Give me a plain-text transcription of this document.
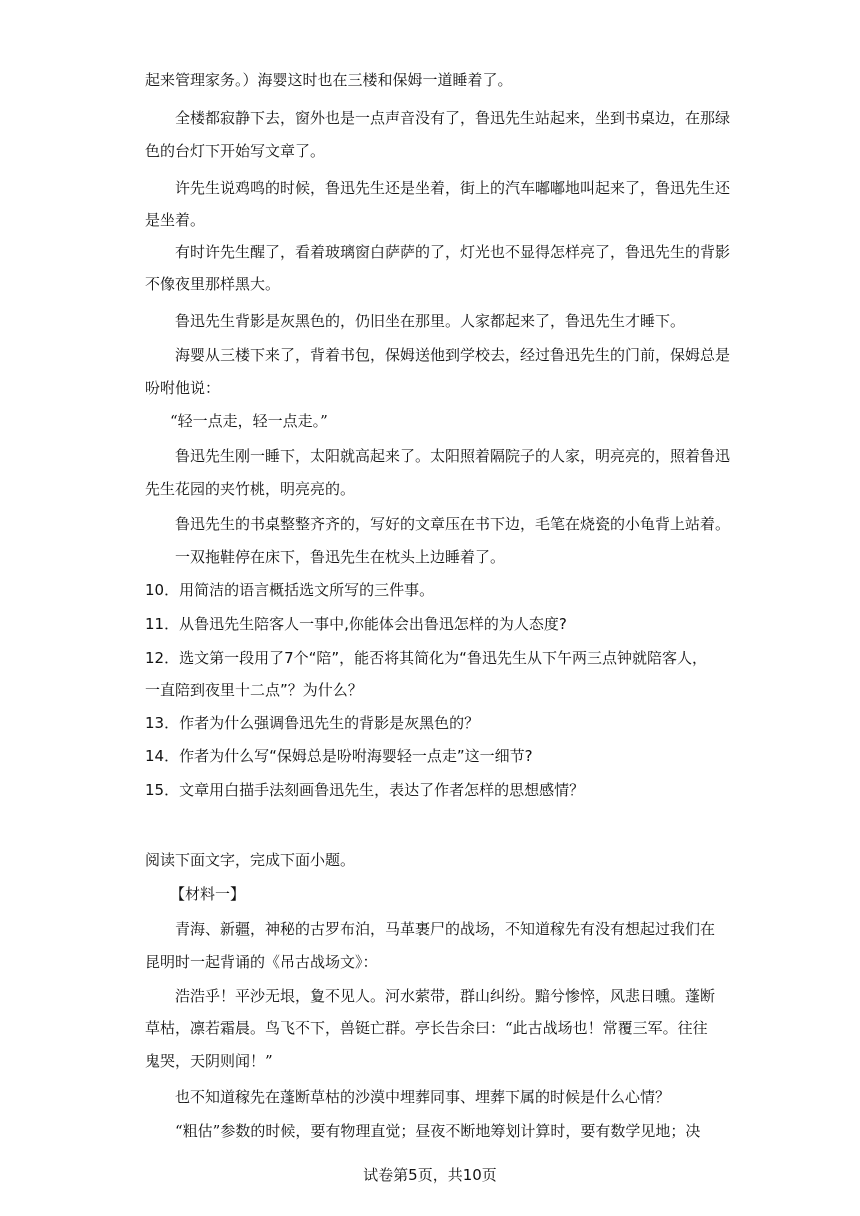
起来管理家务。）海婴这时也在三楼和保姆一道睡着了。
全楼都寂静下去，窗外也是一点声音没有了，鲁迅先生站起来，坐到书桌边，在那绿
色的台灯下开始写文章了。
许先生说鸡鸣的时候，鲁迅先生还是坐着，街上的汽车嘟嘟地叫起来了，鲁迅先生还
是坐着。
有时许先生醒了，看着玻璃窗白萨萨的了，灯光也不显得怎样亮了，鲁迅先生的背影
不像夜里那样黑大。
鲁迅先生背影是灰黑色的，仍旧坐在那里。人家都起来了，鲁迅先生才睡下。
海婴从三楼下来了，背着书包，保姆送他到学校去，经过鲁迅先生的门前，保姆总是
吩咐他说：
“轻一点走，轻一点走。”
鲁迅先生刚一睡下，太阳就高起来了。太阳照着隔院子的人家，明亮亮的，照着鲁迅
先生花园的夹竹桃，明亮亮的。
鲁迅先生的书桌整整齐齐的，写好的文章压在书下边，毛笔在烧瓷的小龟背上站着。
一双拖鞋停在床下，鲁迅先生在枕头上边睡着了。
10．用简洁的语言概括选文所写的三件事。
11．从鲁迅先生陪客人一事中,你能体会出鲁迅怎样的为人态度?
12．选文第一段用了7个“陪”，能否将其简化为“鲁迅先生从下午两三点钟就陪客人，
一直陪到夜里十二点”？为什么？
13．作者为什么强调鲁迅先生的背影是灰黑色的？
14．作者为什么写“保姆总是吩咐海婴轻一点走”这一细节?
15．文章用白描手法刻画鲁迅先生，表达了作者怎样的思想感情？
阅读下面文字，完成下面小题。
【材料一】
青海、新疆，神秘的古罗布泊，马革裹尸的战场，不知道稼先有没有想起过我们在
昆明时一起背诵的《吊古战场文》：
浩浩乎！平沙无垠，夐不见人。河水萦带，群山纠纷。黯兮惨悴，风悲日曛。蓬断
草枯，凛若霜晨。鸟飞不下，兽铤亡群。亭长告余曰：“此古战场也！常覆三军。往往
鬼哭，天阴则闻！”
也不知道稼先在蓬断草枯的沙漠中埋葬同事、埋葬下属的时候是什么心情？
“粗估”参数的时候，要有物理直觉；昼夜不断地筹划计算时，要有数学见地；决
试卷第5页，共10页
